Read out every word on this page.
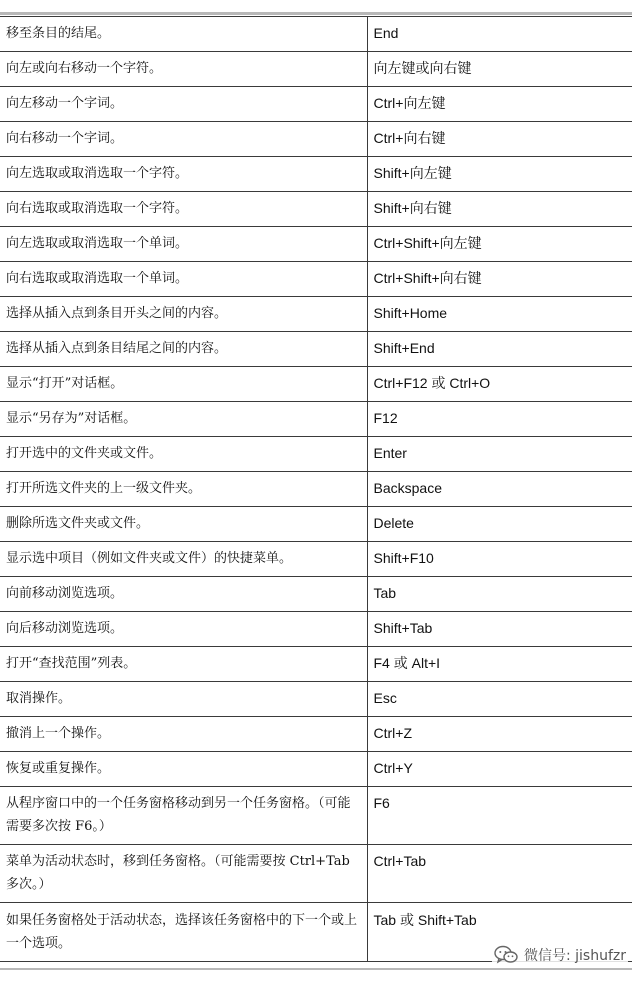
移至条目的结尾。	End
向左或向右移动一个字符。	向左键或向右键
向左移动一个字词。	Ctrl+向左键
向右移动一个字词。	Ctrl+向右键
向左选取或取消选取一个字符。	Shift+向左键
向右选取或取消选取一个字符。	Shift+向右键
向左选取或取消选取一个单词。	Ctrl+Shift+向左键
向右选取或取消选取一个单词。	Ctrl+Shift+向右键
选择从插入点到条目开头之间的内容。	Shift+Home
选择从插入点到条目结尾之间的内容。	Shift+End
显示“打开”对话框。	Ctrl+F12 或 Ctrl+O
显示“另存为”对话框。	F12
打开选中的文件夹或文件。	Enter
打开所选文件夹的上一级文件夹。	Backspace
删除所选文件夹或文件。	Delete
显示选中项目（例如文件夹或文件）的快捷菜单。	Shift+F10
向前移动浏览选项。	Tab
向后移动浏览选项。	Shift+Tab
打开“查找范围”列表。	F4 或 Alt+I
取消操作。	Esc
撤消上一个操作。	Ctrl+Z
恢复或重复操作。	Ctrl+Y
从程序窗口中的一个任务窗格移动到另一个任务窗格。（可能需要多次按 F6。）	F6
菜单为活动状态时，移到任务窗格。（可能需要按 Ctrl+Tab 多次。）	Ctrl+Tab
如果任务窗格处于活动状态，选择该任务窗格中的下一个或上一个选项。	Tab 或 Shift+Tab
微信号: jishufzr
